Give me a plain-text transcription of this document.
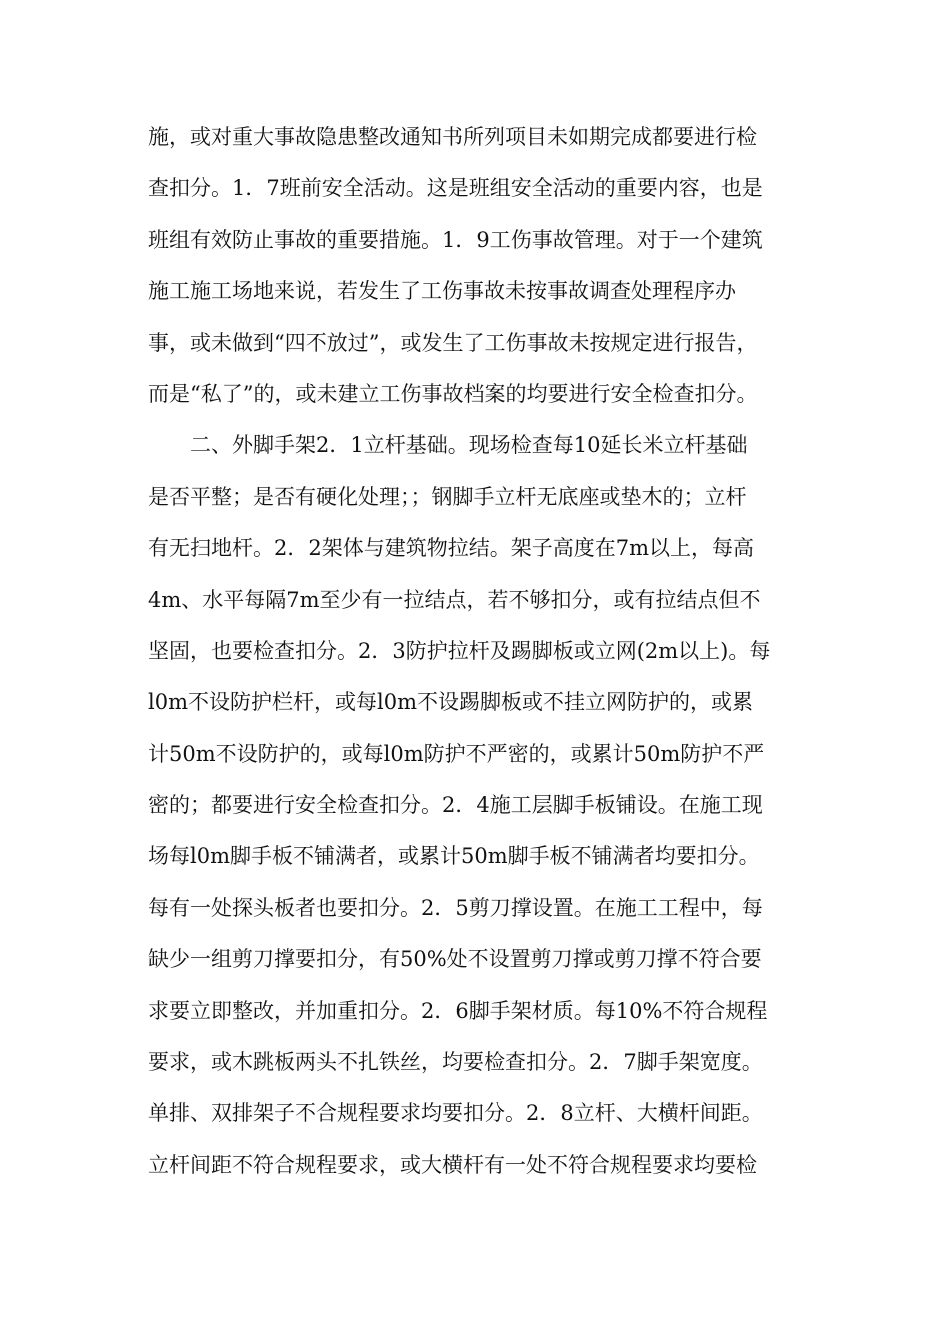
施，或对重大事故隐患整改通知书所列项目未如期完成都要进行检
查扣分。1．7班前安全活动。这是班组安全活动的重要内容，也是
班组有效防止事故的重要措施。1．9工伤事故管理。对于一个建筑
施工施工场地来说，若发生了工伤事故未按事故调查处理程序办
事，或未做到“四不放过”，或发生了工伤事故未按规定进行报告，
而是“私了”的，或未建立工伤事故档案的均要进行安全检查扣分。
二、外脚手架2．1立杆基础。现场检查每10延长米立杆基础
是否平整；是否有硬化处理；；钢脚手立杆无底座或垫木的；立杆
有无扫地杆。2．2架体与建筑物拉结。架子高度在7m以上，每高
4m、水平每隔7m至少有一拉结点，若不够扣分，或有拉结点但不
坚固，也要检查扣分。2．3防护拉杆及踢脚板或立网(2m以上)。每
l0m不设防护栏杆，或每l0m不设踢脚板或不挂立网防护的，或累
计50m不设防护的，或每l0m防护不严密的，或累计50m防护不严
密的；都要进行安全检查扣分。2．4施工层脚手板铺设。在施工现
场每l0m脚手板不铺满者，或累计50m脚手板不铺满者均要扣分。
每有一处探头板者也要扣分。2．5剪刀撑设置。在施工工程中，每
缺少一组剪刀撑要扣分，有50%处不设置剪刀撑或剪刀撑不符合要
求要立即整改，并加重扣分。2．6脚手架材质。每10%不符合规程
要求，或木跳板两头不扎铁丝，均要检查扣分。2．7脚手架宽度。
单排、双排架子不合规程要求均要扣分。2．8立杆、大横杆间距。
立杆间距不符合规程要求，或大横杆有一处不符合规程要求均要检
